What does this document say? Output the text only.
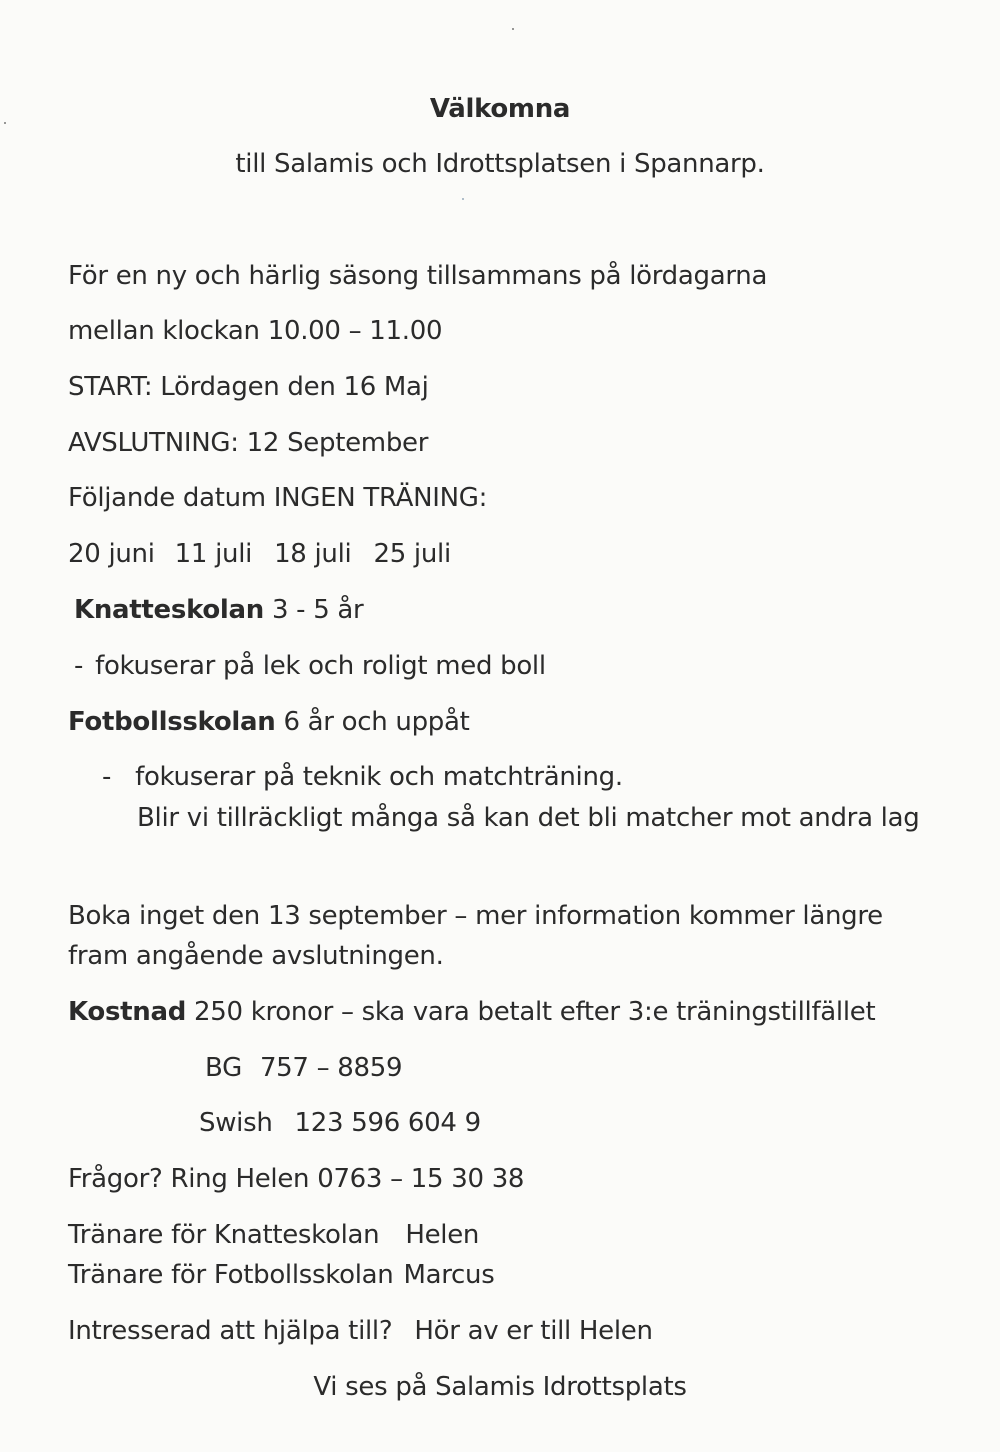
Välkomna
till Salamis och Idrottsplatsen i Spannarp.
För en ny och härlig säsong tillsammans på lördagarna
mellan klockan 10.00 – 11.00
START: Lördagen den 16 Maj
AVSLUTNING: 12 September
Följande datum INGEN TRÄNING:
20 juni 11 juli 18 juli 25 juli
Knatteskolan 3 - 5 år
- fokuserar på lek och roligt med boll
Fotbollsskolan 6 år och uppåt
- fokuserar på teknik och matchträning.
Blir vi tillräckligt många så kan det bli matcher mot andra lag
Boka inget den 13 september – mer information kommer längre
fram angående avslutningen.
Kostnad 250 kronor – ska vara betalt efter 3:e träningstillfället
BG 757 – 8859
Swish 123 596 604 9
Frågor? Ring Helen 0763 – 15 30 38
Tränare för Knatteskolan Helen
Tränare för Fotbollsskolan Marcus
Intresserad att hjälpa till? Hör av er till Helen
Vi ses på Salamis Idrottsplats
